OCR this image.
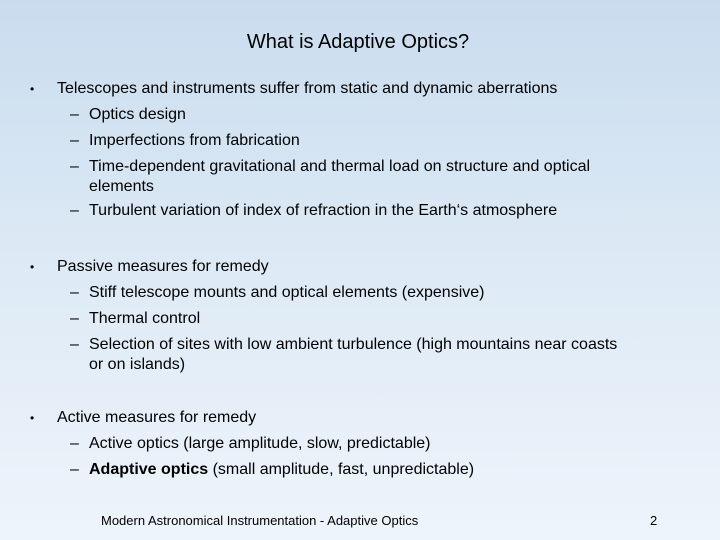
What is Adaptive Optics?
• Telescopes and instruments suffer from static and dynamic aberrations
– Optics design
– Imperfections from fabrication
– Time-dependent gravitational and thermal load on structure and optical
elements
– Turbulent variation of index of refraction in the Earth‘s atmosphere
• Passive measures for remedy
– Stiff telescope mounts and optical elements (expensive)
– Thermal control
– Selection of sites with low ambient turbulence (high mountains near coasts
or on islands)
• Active measures for remedy
– Active optics (large amplitude, slow, predictable)
– Adaptive optics (small amplitude, fast, unpredictable)
Modern Astronomical Instrumentation - Adaptive Optics	2
